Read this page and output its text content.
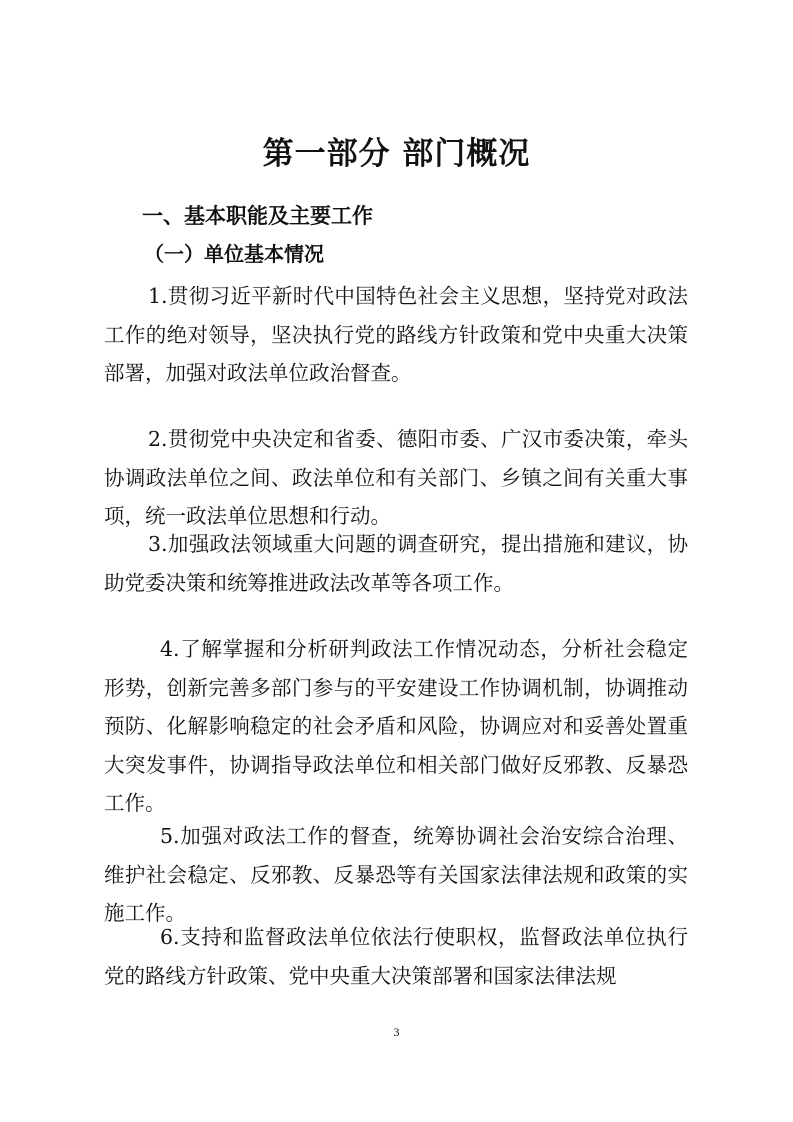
第一部分 部门概况
一、基本职能及主要工作
（一）单位基本情况

1.贯彻习近平新时代中国特色社会主义思想，坚持党对政法工作的绝对领导，坚决执行党的路线方针政策和党中央重大决策部署，加强对政法单位政治督查。

2.贯彻党中央决定和省委、德阳市委、广汉市委决策，牵头协调政法单位之间、政法单位和有关部门、乡镇之间有关重大事项，统一政法单位思想和行动。

3.加强政法领域重大问题的调查研究，提出措施和建议，协助党委决策和统筹推进政法改革等各项工作。

4.了解掌握和分析研判政法工作情况动态，分析社会稳定形势，创新完善多部门参与的平安建设工作协调机制，协调推动预防、化解影响稳定的社会矛盾和风险，协调应对和妥善处置重大突发事件，协调指导政法单位和相关部门做好反邪教、反暴恐工作。

5.加强对政法工作的督查，统筹协调社会治安综合治理、维护社会稳定、反邪教、反暴恐等有关国家法律法规和政策的实施工作。

6.支持和监督政法单位依法行使职权，监督政法单位执行党的路线方针政策、党中央重大决策部署和国家法律法规

3
